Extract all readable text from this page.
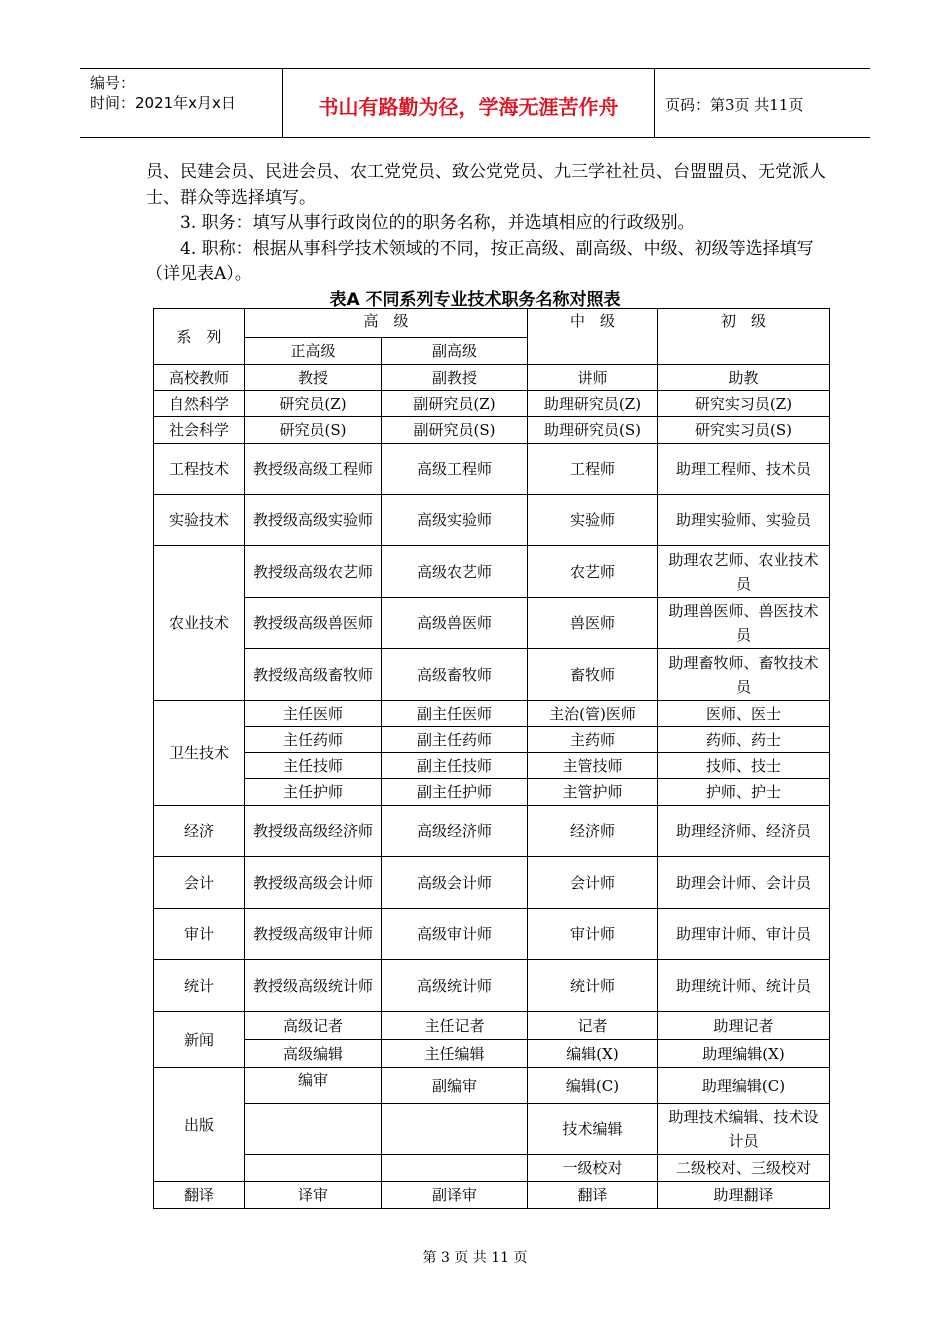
编号：
时间：2021年x月x日	书山有路勤为径，学海无涯苦作舟	页码：第3页 共11页

员、民建会员、民进会员、农工党党员、致公党党员、九三学社社员、台盟盟员、无党派人士、群众等选择填写。

3. 职务：填写从事行政岗位的的职务名称，并选填相应的行政级别。

4. 职称：根据从事科学技术领域的不同，按正高级、副高级、中级、初级等选择填写（详见表A）。

表A 不同系列专业技术职务名称对照表
系　列	高　级		中　级	初　级
	正高级	副高级		
高校教师	教授	副教授	讲师	助教
自然科学	研究员(Z)	副研究员(Z)	助理研究员(Z)	研究实习员(Z)
社会科学	研究员(S)	副研究员(S)	助理研究员(S)	研究实习员(S)
工程技术	教授级高级工程师	高级工程师	工程师	助理工程师、技术员
实验技术	教授级高级实验师	高级实验师	实验师	助理实验师、实验员
农业技术	教授级高级农艺师	高级农艺师	农艺师	助理农艺师、农业技术员
	教授级高级兽医师	高级兽医师	兽医师	助理兽医师、兽医技术员
	教授级高级畜牧师	高级畜牧师	畜牧师	助理畜牧师、畜牧技术员
卫生技术	主任医师	副主任医师	主治(管)医师	医师、医士
	主任药师	副主任药师	主药师	药师、药士
	主任技师	副主任技师	主管技师	技师、技士
	主任护师	副主任护师	主管护师	护师、护士
经济	教授级高级经济师	高级经济师	经济师	助理经济师、经济员
会计	教授级高级会计师	高级会计师	会计师	助理会计师、会计员
审计	教授级高级审计师	高级审计师	审计师	助理审计师、审计员
统计	教授级高级统计师	高级统计师	统计师	助理统计师、统计员
新闻	高级记者	主任记者	记者	助理记者
	高级编辑	主任编辑	编辑(X)	助理编辑(X)
出版	编审	副编审	编辑(C)	助理编辑(C)
			技术编辑	助理技术编辑、技术设计员
			一级校对	二级校对、三级校对
翻译	译审	副译审	翻译	助理翻译
第 3 页 共 11 页
